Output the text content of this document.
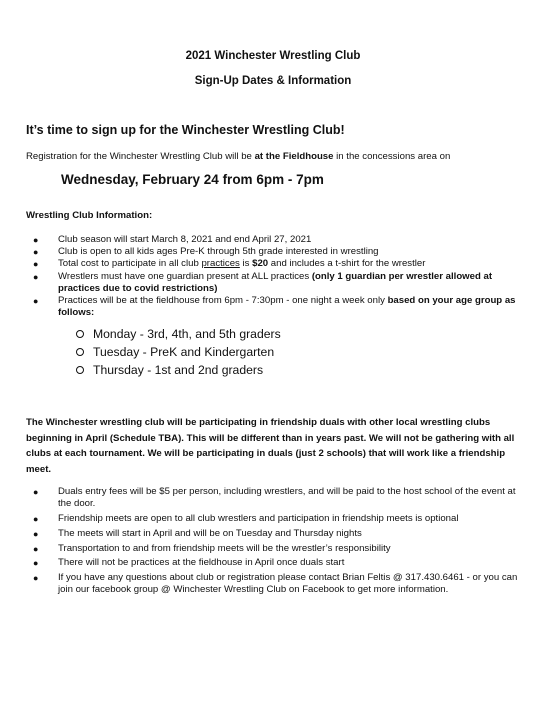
2021 Winchester Wrestling Club
Sign-Up Dates & Information
It’s time to sign up for the Winchester Wrestling Club!
Registration for the Winchester Wrestling Club will be at the Fieldhouse in the concessions area on
Wednesday, February 24 from 6pm - 7pm
Wrestling Club Information:
● Club season will start March 8, 2021 and end April 27, 2021
● Club is open to all kids ages Pre-K through 5th grade interested in wrestling
● Total cost to participate in all club practices is $20 and includes a t-shirt for the wrestler
● Wrestlers must have one guardian present at ALL practices (only 1 guardian per wrestler allowed at practices due to covid restrictions)
● Practices will be at the fieldhouse from 6pm - 7:30pm - one night a week only based on your age group as follows:
Monday - 3rd, 4th, and 5th graders
Tuesday - PreK and Kindergarten
Thursday - 1st and 2nd graders
The Winchester wrestling club will be participating in friendship duals with other local wrestling clubs beginning in April (Schedule TBA). This will be different than in years past. We will not be gathering with all clubs at each tournament. We will be participating in duals (just 2 schools) that will work like a friendship meet.
● Duals entry fees will be $5 per person, including wrestlers, and will be paid to the host school of the event at the door.
● Friendship meets are open to all club wrestlers and participation in friendship meets is optional
● The meets will start in April and will be on Tuesday and Thursday nights
● Transportation to and from friendship meets will be the wrestler’s responsibility
● There will not be practices at the fieldhouse in April once duals start
● If you have any questions about club or registration please contact Brian Feltis @ 317.430.6461 - or you can join our facebook group @ Winchester Wrestling Club on Facebook to get more information.
